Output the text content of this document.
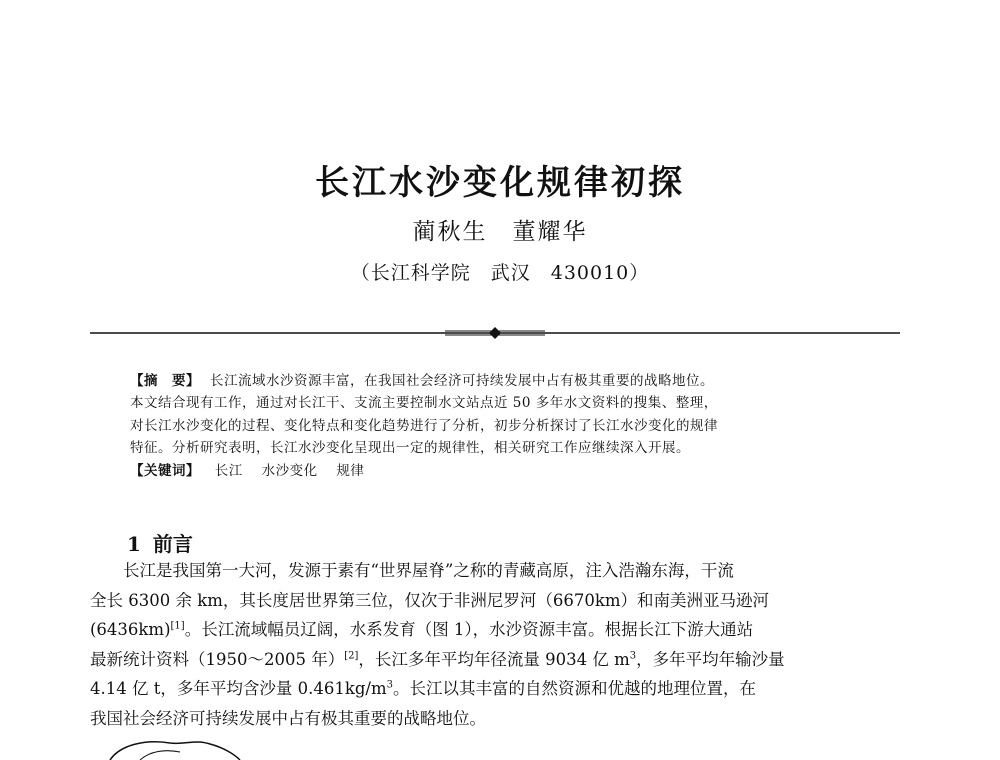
长江水沙变化规律初探
蔺秋生　董耀华
（长江科学院　武汉　430010）

【摘　要】 长江流域水沙资源丰富，在我国社会经济可持续发展中占有极其重要的战略地位。

本文结合现有工作，通过对长江干、支流主要控制水文站点近 50 多年水文资料的搜集、整理，

对长江水沙变化的过程、变化特点和变化趋势进行了分析，初步分析探讨了长江水沙变化的规律

特征。分析研究表明，长江水沙变化呈现出一定的规律性，相关研究工作应继续深入开展。

【关键词】 长江 水沙变化 规律

1 前言
长江是我国第一大河，发源于素有“世界屋脊”之称的青藏高原，注入浩瀚东海，干流
全长 6300 余 km，其长度居世界第三位，仅次于非洲尼罗河（6670km）和南美洲亚马逊河
(6436km)[1]。长江流域幅员辽阔，水系发育（图 1），水沙资源丰富。根据长江下游大通站
最新统计资料（1950～2005 年）[2]，长江多年平均年径流量 9034 亿 $m^3$，多年平均年输沙量
4.14 亿 t，多年平均含沙量 $0.461kg/m^3$。长江以其丰富的自然资源和优越的地理位置，在
我国社会经济可持续发展中占有极其重要的战略地位。
